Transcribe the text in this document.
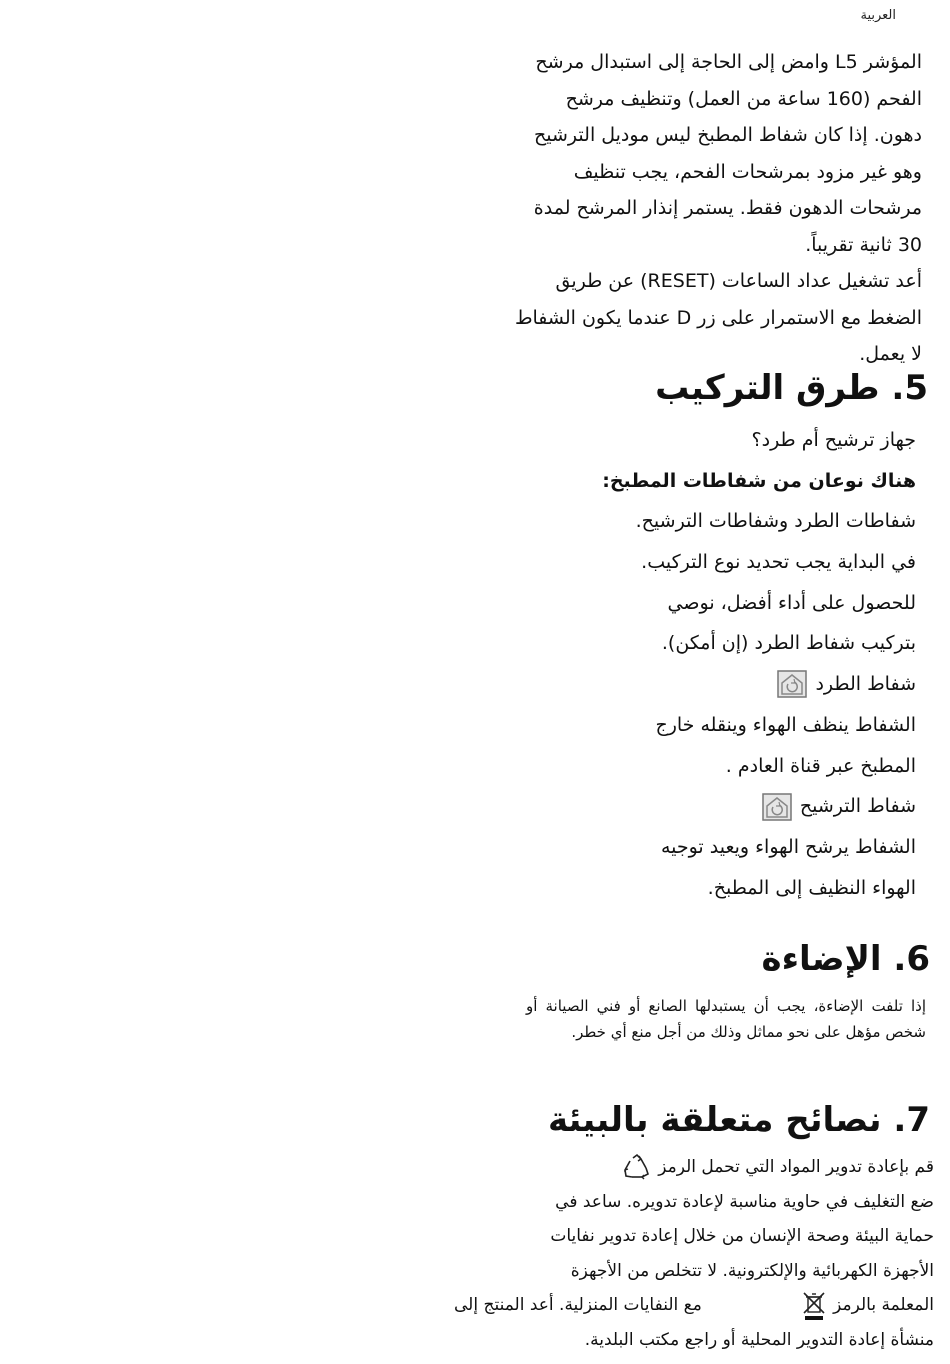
العربية

المؤشر L5 وامض إلى الحاجة إلى استبدال مرشح الفحم (160 ساعة من العمل) وتنظيف مرشح دهون. إذا كان شفاط المطبخ ليس موديل الترشيح وهو غير مزود بمرشحات الفحم، يجب تنظيف مرشحات الدهون فقط. يستمر إنذار المرشح لمدة 30 ثانية تقريباً.

أعد تشغيل عداد الساعات (RESET) عن طريق الضغط مع الاستمرار على زر D عندما يكون الشفاط لا يعمل.

5. طرق التركيب
جهاز ترشيح أم طرد؟
هناك نوعان من شفاطات المطبخ:
شفاطات الطرد وشفاطات الترشيح.
في البداية يجب تحديد نوع التركيب.
للحصول على أداء أفضل، نوصي
بتركيب شفاط الطرد (إن أمكن).
شفاط الطرد
الشفاط ينظف الهواء وينقله خارج
المطبخ عبر قناة العادم .
شفاط الترشيح
الشفاط يرشح الهواء ويعيد توجيه
الهواء النظيف إلى المطبخ.
6. الإضاءة

إذا تلفت الإضاءة، يجب أن يستبدلها الصانع أو فني الصيانة أو شخص مؤهل على نحو مماثل وذلك من أجل منع أي خطر.

7. نصائح متعلقة بالبيئة
قم بإعادة تدوير المواد التي تحمل الرمز
ضع التغليف في حاوية مناسبة لإعادة تدويره. ساعد في
حماية البيئة وصحة الإنسان من خلال إعادة تدوير نفايات
الأجهزة الكهربائية والإلكترونية. لا تتخلص من الأجهزة
المعلمة بالرمز
مع النفايات المنزلية. أعد المنتج إلى
منشأة إعادة التدوير المحلية أو راجع مكتب البلدية.
